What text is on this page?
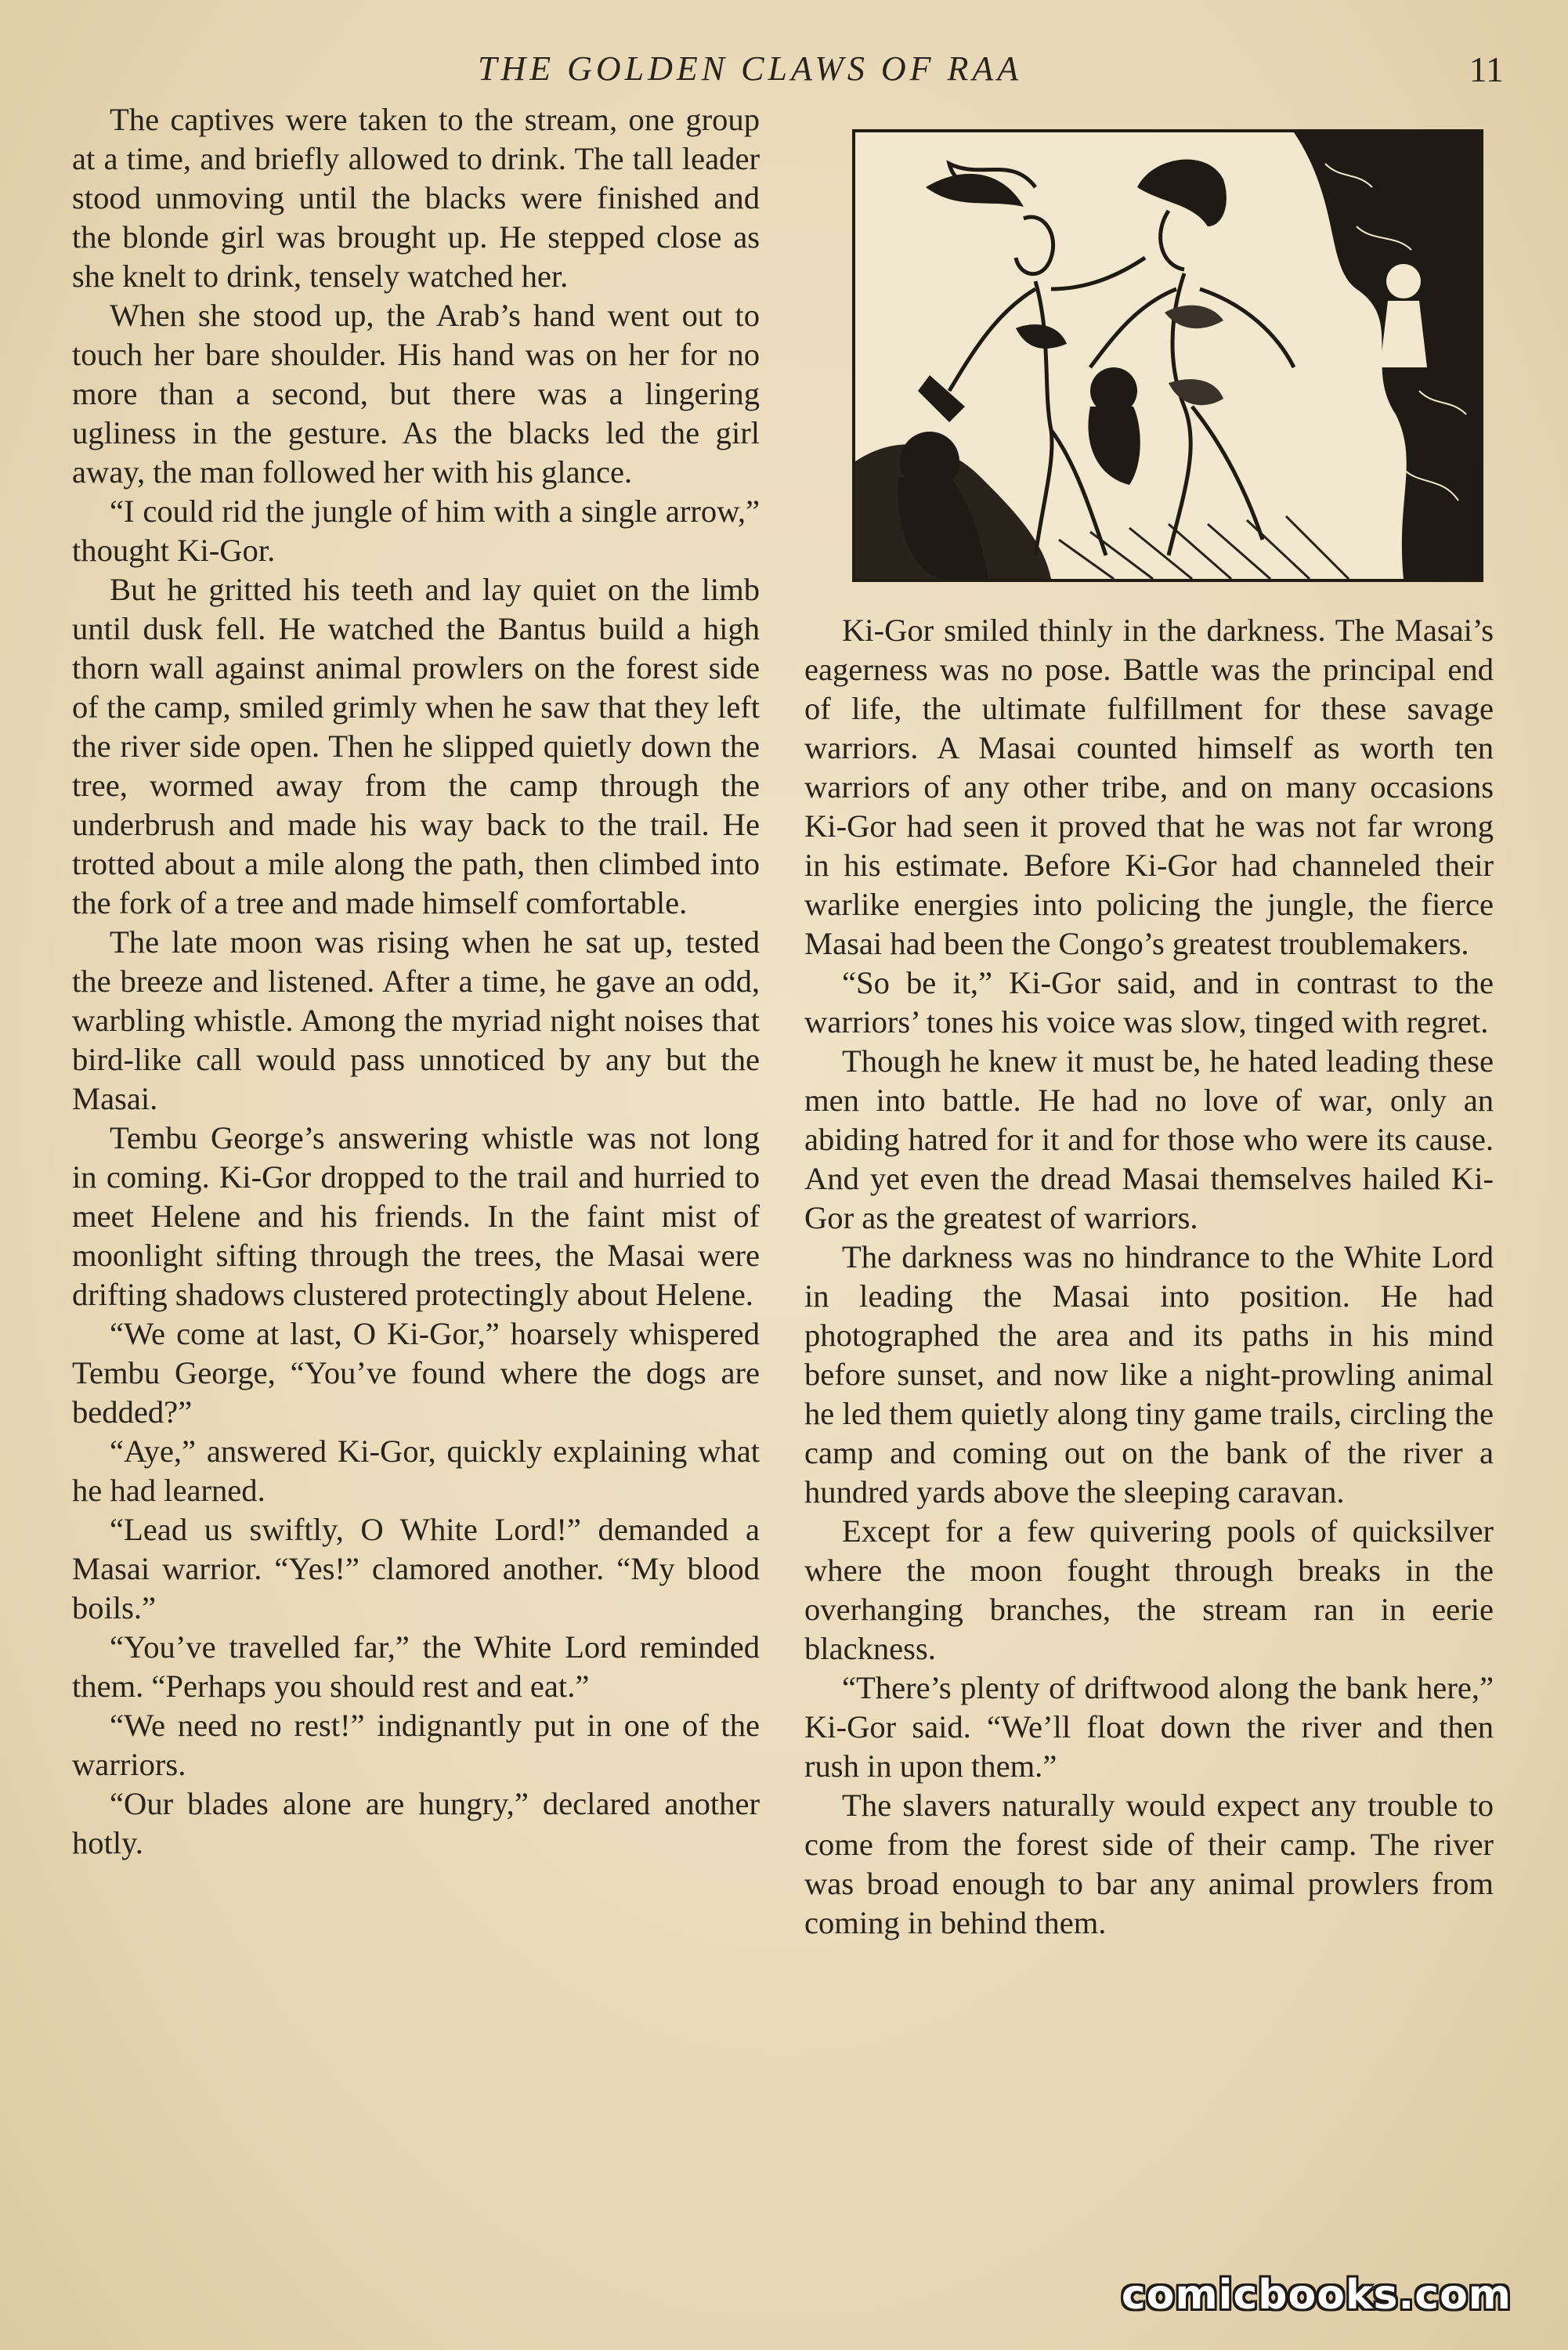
THE GOLDEN CLAWS OF RAA	11

The captives were taken to the stream, one group at a time, and briefly allowed to drink. The tall leader stood unmoving until the blacks were finished and the blonde girl was brought up. He stepped close as she knelt to drink, tensely watched her.

When she stood up, the Arab’s hand went out to touch her bare shoulder. His hand was on her for no more than a second, but there was a lingering ugliness in the gesture. As the blacks led the girl away, the man followed her with his glance.

“I could rid the jungle of him with a single arrow,” thought Ki-Gor.

But he gritted his teeth and lay quiet on the limb until dusk fell. He watched the Bantus build a high thorn wall against animal prowlers on the forest side of the camp, smiled grimly when he saw that they left the river side open. Then he slipped quietly down the tree, wormed away from the camp through the underbrush and made his way back to the trail. He trotted about a mile along the path, then climbed into the fork of a tree and made himself comfortable.

The late moon was rising when he sat up, tested the breeze and listened. After a time, he gave an odd, warbling whistle. Among the myriad night noises that bird-like call would pass unnoticed by any but the Masai.

Tembu George’s answering whistle was not long in coming. Ki-Gor dropped to the trail and hurried to meet Helene and his friends. In the faint mist of moonlight sifting through the trees, the Masai were drifting shadows clustered protectingly about Helene.

“We come at last, O Ki-Gor,” hoarsely whispered Tembu George, “You’ve found where the dogs are bedded?”

“Aye,” answered Ki-Gor, quickly explaining what he had learned.

“Lead us swiftly, O White Lord!” demanded a Masai warrior. “Yes!” clamored another. “My blood boils.”

“You’ve travelled far,” the White Lord reminded them. “Perhaps you should rest and eat.”

“We need no rest!” indignantly put in one of the warriors.

“Our blades alone are hungry,” declared another hotly.

Ki-Gor smiled thinly in the darkness. The Masai’s eagerness was no pose. Battle was the principal end of life, the ultimate fulfillment for these savage warriors. A Masai counted himself as worth ten warriors of any other tribe, and on many occasions Ki-Gor had seen it proved that he was not far wrong in his estimate. Before Ki-Gor had channeled their warlike energies into policing the jungle, the fierce Masai had been the Congo’s greatest troublemakers.

“So be it,” Ki-Gor said, and in contrast to the warriors’ tones his voice was slow, tinged with regret.

Though he knew it must be, he hated leading these men into battle. He had no love of war, only an abiding hatred for it and for those who were its cause. And yet even the dread Masai themselves hailed Ki-Gor as the greatest of warriors.

The darkness was no hindrance to the White Lord in leading the Masai into position. He had photographed the area and its paths in his mind before sunset, and now like a night-prowling animal he led them quietly along tiny game trails, circling the camp and coming out on the bank of the river a hundred yards above the sleeping caravan.

Except for a few quivering pools of quicksilver where the moon fought through breaks in the overhanging branches, the stream ran in eerie blackness.

“There’s plenty of driftwood along the bank here,” Ki-Gor said. “We’ll float down the river and then rush in upon them.”

The slavers naturally would expect any trouble to come from the forest side of their camp. The river was broad enough to bar any animal prowlers from coming in behind them.

comicbooks.com
